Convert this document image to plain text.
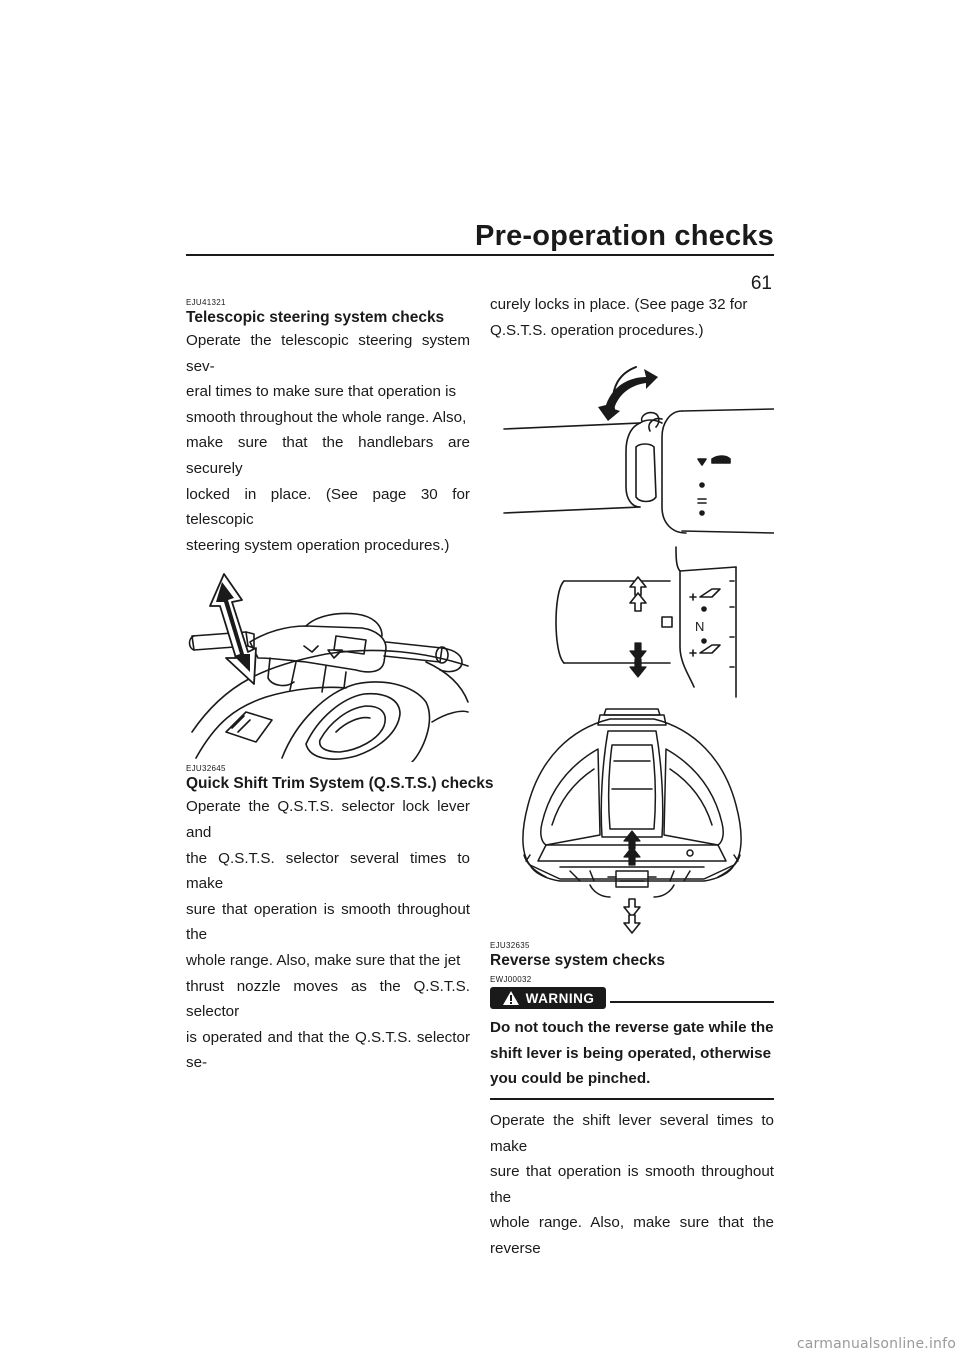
Pre-operation checks
61
EJU41321
Telescopic steering system checks

Operate the telescopic steering system sev-
eral times to make sure that operation is
smooth throughout the whole range. Also,
make sure that the handlebars are securely
locked in place. (See page 30 for telescopic
steering system operation procedures.)

EJU32645
Quick Shift Trim System (Q.S.T.S.) checks

Operate the Q.S.T.S. selector lock lever and
the Q.S.T.S. selector several times to make
sure that operation is smooth throughout the
whole range. Also, make sure that the jet
thrust nozzle moves as the Q.S.T.S. selector
is operated and that the Q.S.T.S. selector se-

curely locks in place. (See page 32 for
Q.S.T.S. operation procedures.)

N
EJU32635
Reverse system checks
EWJ00032
WARNING

Do not touch the reverse gate while the
shift lever is being operated, otherwise
you could be pinched.

Operate the shift lever several times to make
sure that operation is smooth throughout the
whole range. Also, make sure that the reverse

carmanualsonline.info
